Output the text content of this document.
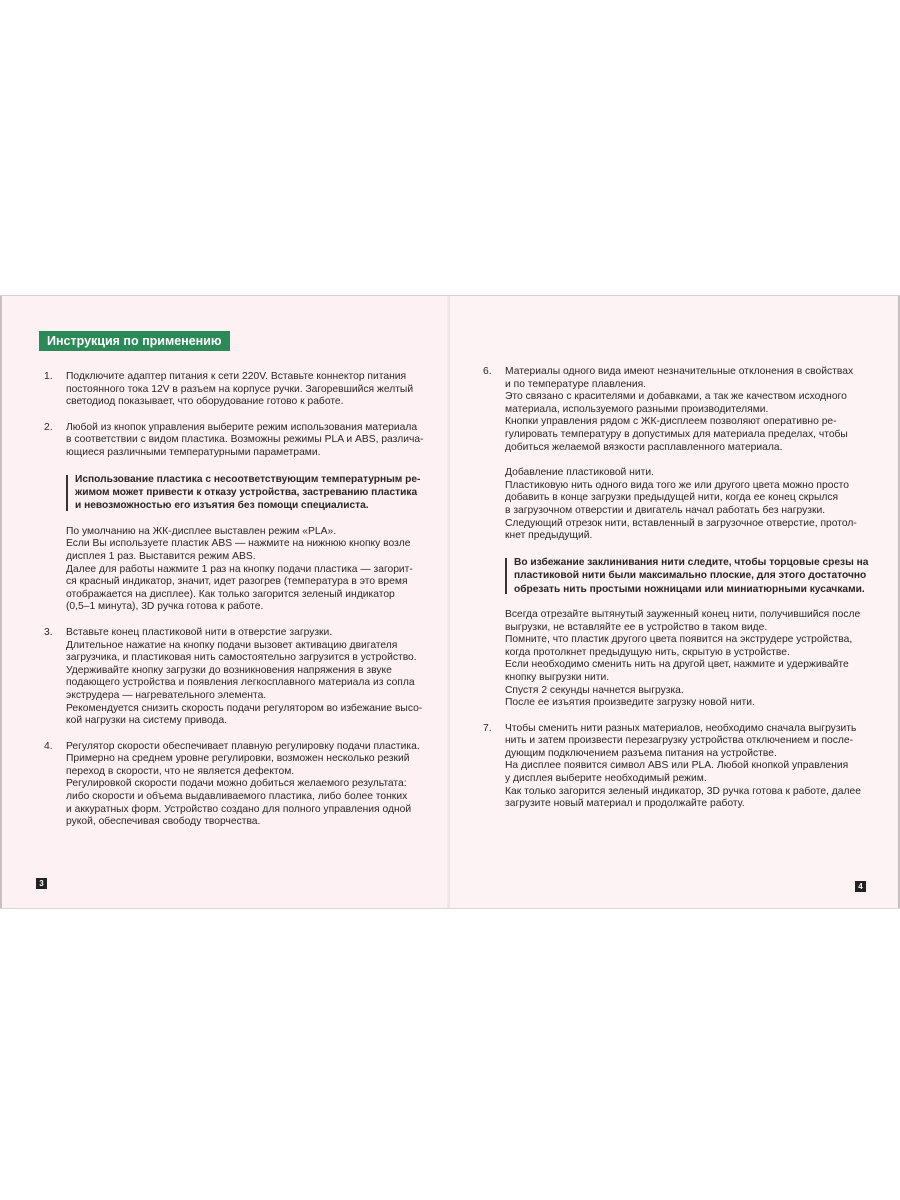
Инструкция по применению
1. Подключите адаптер питания к сети 220V. Вставьте коннектор питания

постоянного тока 12V в разъем на корпусе ручки. Загоревшийся желтый

светодиод показывает, что оборудование готово к работе.

2. Любой из кнопок управления выберите режим использования материала

в соответствии с видом пластика. Возможны режимы PLA и ABS, различа-

ющиеся различными температурными параметрами.

Использование пластика с несоответствующим температурным ре-

жимом может привести к отказу устройства, застреванию пластика

и невозможностью его изъятия без помощи специалиста.

По умолчанию на ЖК-дисплее выставлен режим «PLA».

Если Вы используете пластик ABS — нажмите на нижнюю кнопку возле

дисплея 1 раз. Выставится режим ABS.

Далее для работы нажмите 1 раз на кнопку подачи пластика — загорит-

ся красный индикатор, значит, идет разогрев (температура в это время

отображается на дисплее). Как только загорится зеленый индикатор

(0,5–1 минута), 3D ручка готова к работе.

3. Вставьте конец пластиковой нити в отверстие загрузки.

Длительное нажатие на кнопку подачи вызовет активацию двигателя

загрузчика, и пластиковая нить самостоятельно загрузится в устройство.

Удерживайте кнопку загрузки до возникновения напряжения в звуке

подающего устройства и появления легкосплавного материала из сопла

экструдера — нагревательного элемента.

Рекомендуется снизить скорость подачи регулятором во избежание высо-

кой нагрузки на систему привода.

4. Регулятор скорости обеспечивает плавную регулировку подачи пластика.

Примерно на среднем уровне регулировки, возможен несколько резкий

переход в скорости, что не является дефектом.

Регулировкой скорости подачи можно добиться желаемого результата:

либо скорости и объема выдавливаемого пластика, либо более тонких

и аккуратных форм. Устройство создано для полного управления одной

рукой, обеспечивая свободу творчества.

3
6. Материалы одного вида имеют незначительные отклонения в свойствах

и по температуре плавления.

Это связано с красителями и добавками, а так же качеством исходного

материала, используемого разными производителями.

Кнопки управления рядом с ЖК-дисплеем позволяют оперативно ре-

гулировать температуру в допустимых для материала пределах, чтобы

добиться желаемой вязкости расплавленного материала.

Добавление пластиковой нити.

Пластиковую нить одного вида того же или другого цвета можно просто

добавить в конце загрузки предыдущей нити, когда ее конец скрылся

в загрузочном отверстии и двигатель начал работать без нагрузки.

Следующий отрезок нити, вставленный в загрузочное отверстие, протол-

кнет предыдущий.

Во избежание заклинивания нити следите, чтобы торцовые срезы на

пластиковой нити были максимально плоские, для этого достаточно

обрезать нить простыми ножницами или миниатюрными кусачками.

Всегда отрезайте вытянутый зауженный конец нити, получившийся после

выгрузки, не вставляйте ее в устройство в таком виде.

Помните, что пластик другого цвета появится на экструдере устройства,

когда протолкнет предыдущую нить, скрытую в устройстве.

Если необходимо сменить нить на другой цвет, нажмите и удерживайте

кнопку выгрузки нити.

Спустя 2 секунды начнется выгрузка.

После ее изъятия произведите загрузку новой нити.

7. Чтобы сменить нити разных материалов, необходимо сначала выгрузить

нить и затем произвести перезагрузку устройства отключением и после-

дующим подключением разъема питания на устройстве.

На дисплее появится символ ABS или PLA. Любой кнопкой управления

у дисплея выберите необходимый режим.

Как только загорится зеленый индикатор, 3D ручка готова к работе, далее

загрузите новый материал и продолжайте работу.

4
